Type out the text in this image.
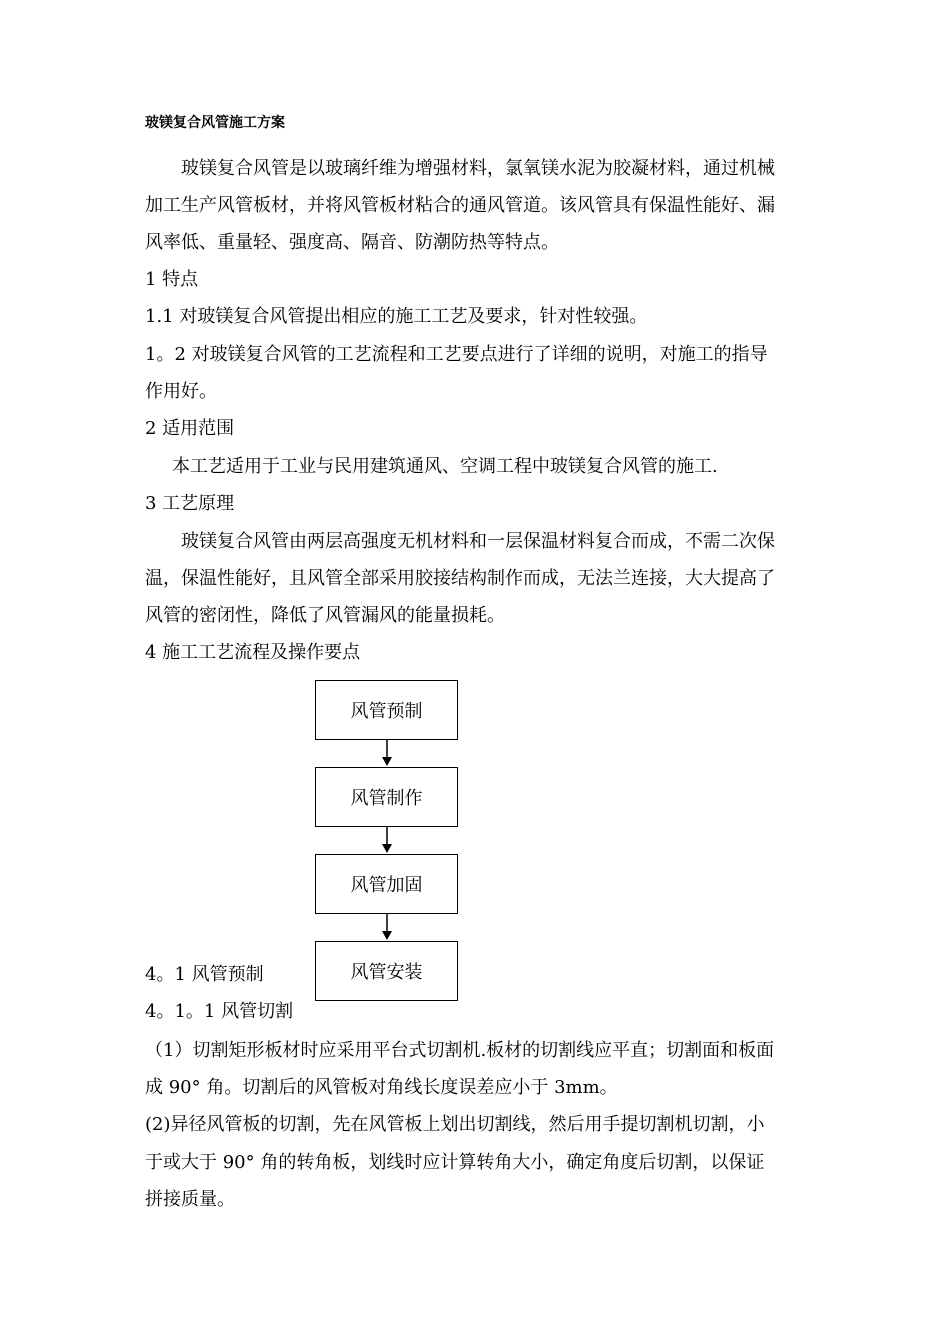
玻镁复合风管施工方案
玻镁复合风管是以玻璃纤维为增强材料，氯氧镁水泥为胶凝材料，通过机械
加工生产风管板材，并将风管板材粘合的通风管道。该风管具有保温性能好、漏
风率低、重量轻、强度高、隔音、防潮防热等特点。
1 特点
1.1 对玻镁复合风管提出相应的施工工艺及要求，针对性较强。
1。2 对玻镁复合风管的工艺流程和工艺要点进行了详细的说明，对施工的指导
作用好。
2 适用范围
本工艺适用于工业与民用建筑通风、空调工程中玻镁复合风管的施工.
3 工艺原理
玻镁复合风管由两层高强度无机材料和一层保温材料复合而成，不需二次保
温，保温性能好，且风管全部采用胶接结构制作而成，无法兰连接，大大提高了
风管的密闭性，降低了风管漏风的能量损耗。
4 施工工艺流程及操作要点
风管预制
风管制作
风管加固
风管安装
4。1 风管预制
4。1。1 风管切割
（1）切割矩形板材时应采用平台式切割机.板材的切割线应平直；切割面和板面
成 90° 角。切割后的风管板对角线长度误差应小于 3mm。
(2)异径风管板的切割，先在风管板上划出切割线，然后用手提切割机切割，小
于或大于 90° 角的转角板，划线时应计算转角大小，确定角度后切割，以保证
拼接质量。
